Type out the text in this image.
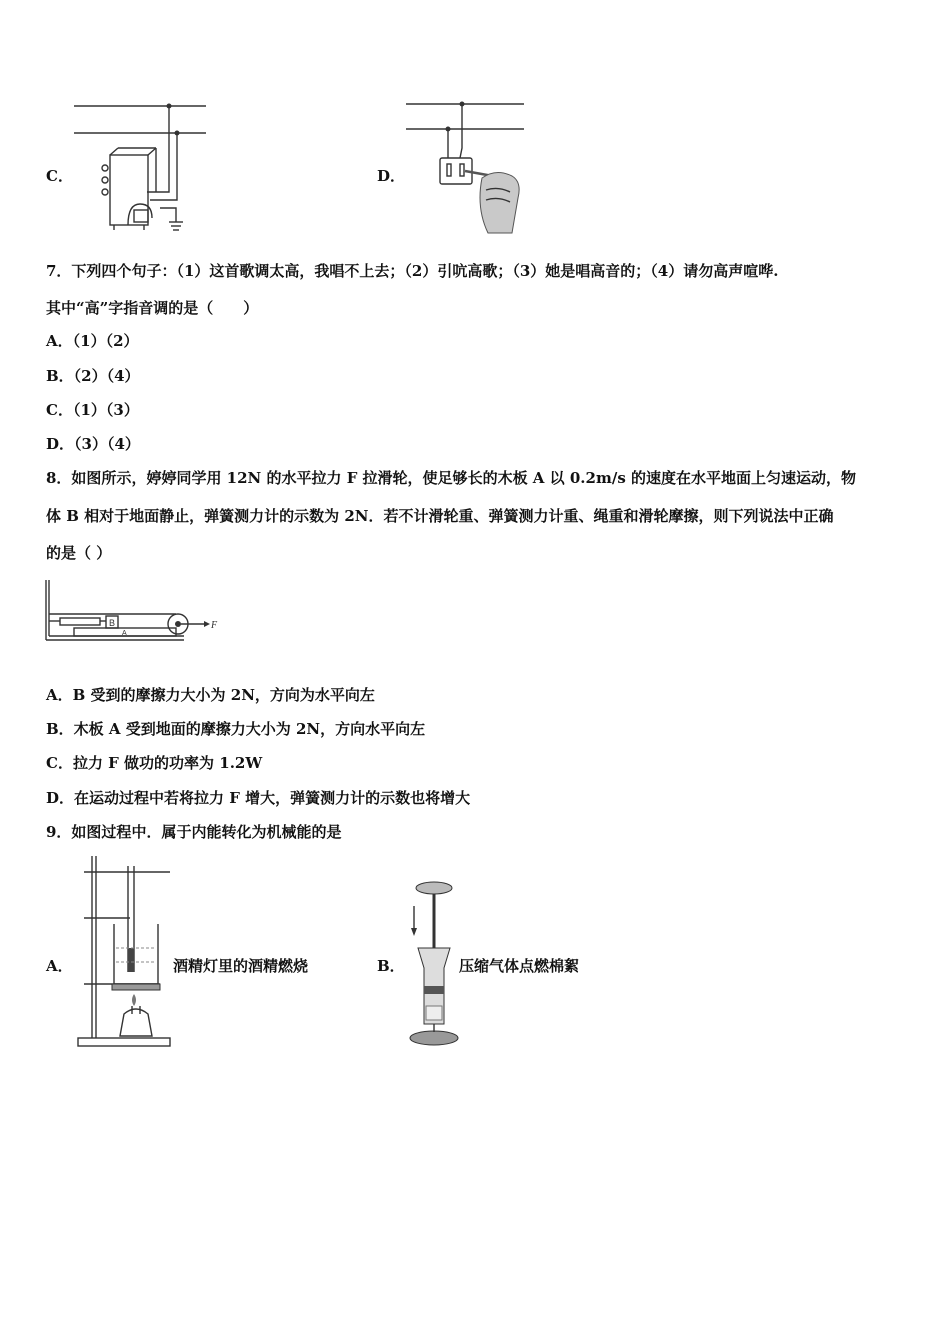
C．	D．
7．下列四个句子：（1）这首歌调太高，我唱不上去；（2）引吭高歌；（3）她是唱高音的；（4）请勿高声喧哗.
其中“高”字指音调的是（　　）
A．（1）（2）
B．（2）（4）
C．（1）（3）
D．（3）（4）
8．如图所示，婷婷同学用 12N 的水平拉力 F 拉滑轮，使足够长的木板 A 以 0.2m/s 的速度在水平地面上匀速运动，物
体 B 相对于地面静止，弹簧测力计的示数为 2N．若不计滑轮重、弹簧测力计重、绳重和滑轮摩擦，则下列说法中正确
的是（ ）
B
A
F
A．B 受到的摩擦力大小为 2N，方向为水平向左
B．木板 A 受到地面的摩擦力大小为 2N，方向水平向左
C．拉力 F 做功的功率为 1.2W
D．在运动过程中若将拉力 F 增大，弹簧测力计的示数也将增大
9．如图过程中．属于内能转化为机械能的是
A．	酒精灯里的酒精燃烧	B．	压缩气体点燃棉絮
